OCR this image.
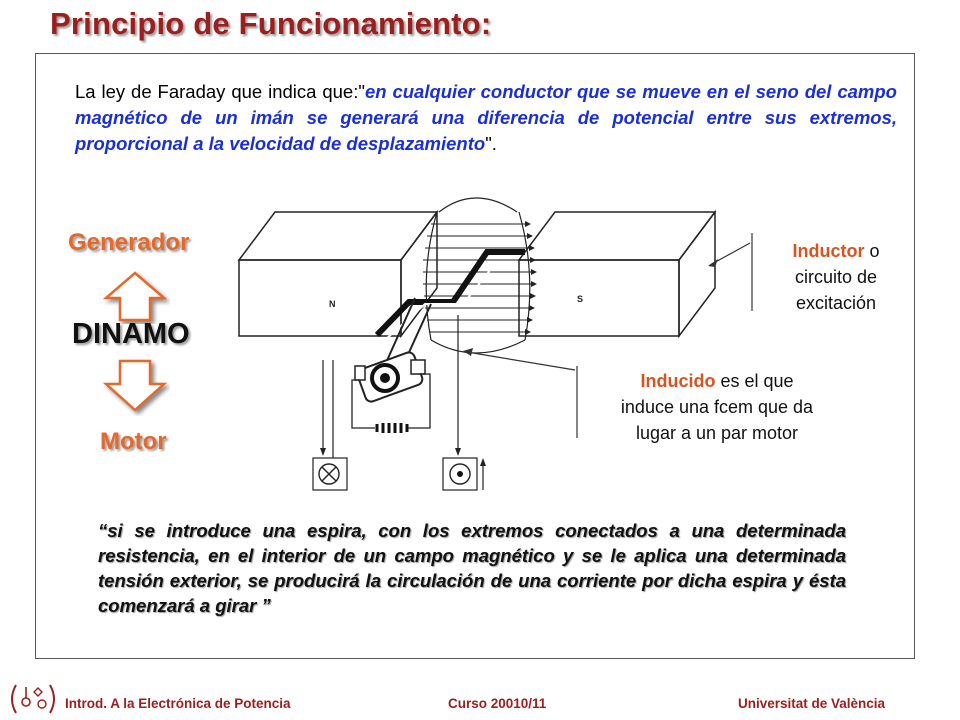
Principio de Funcionamiento:
La ley de Faraday que indica que:"en cualquier conductor que se mueve en el seno del campo magnético de un imán se generará una diferencia de potencial entre sus extremos, proporcional a la velocidad de desplazamiento".
Generador
DINAMO
Motor
N	S
Inductor o
circuito de
excitación
Inducido es el que
induce una fcem que da
lugar a un par motor
“si se introduce una espira, con los extremos conectados a una determinada resistencia, en el interior de un campo magnético y se le aplica una determinada tensión exterior, se producirá la circulación de una corriente por dicha espira y ésta comenzará a girar ”
Introd. A la Electrónica de Potencia	Curso 20010/11	Universitat de València
